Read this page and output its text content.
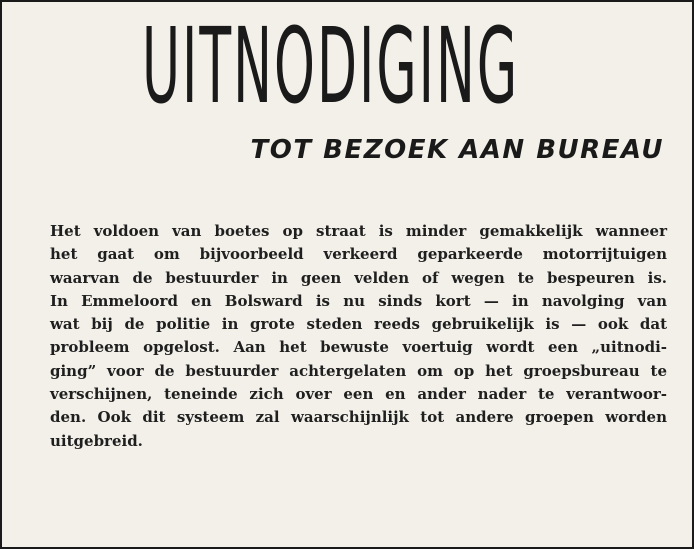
UITNODIGING
TOT BEZOEK AAN BUREAU
Het voldoen van boetes op straat is minder gemakkelijk wanneer
het gaat om bijvoorbeeld verkeerd geparkeerde motorrijtuigen
waarvan de bestuurder in geen velden of wegen te bespeuren is.
In Emmeloord en Bolsward is nu sinds kort — in navolging van
wat bij de politie in grote steden reeds gebruikelijk is — ook dat
probleem opgelost. Aan het bewuste voertuig wordt een „uitnodi-
ging” voor de bestuurder achtergelaten om op het groepsbureau te
verschijnen, teneinde zich over een en ander nader te verantwoor-
den. Ook dit systeem zal waarschijnlijk tot andere groepen worden
uitgebreid.
